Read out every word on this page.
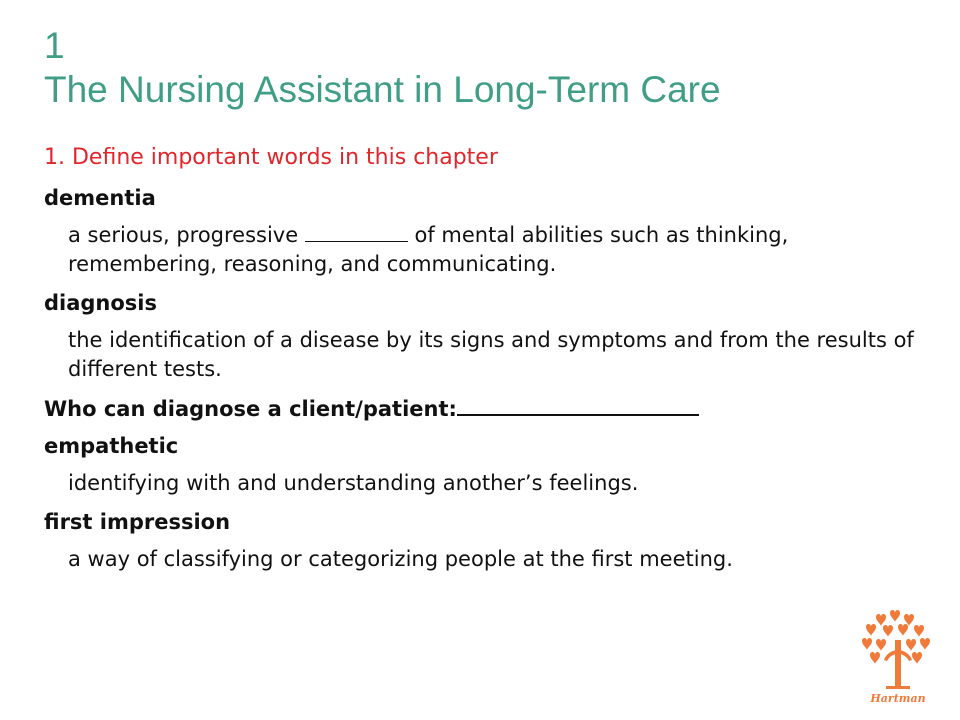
1
The Nursing Assistant in Long-Term Care
1. Define important words in this chapter
dementia
a serious, progressive	of mental abilities such as thinking, remembering, reasoning, and communicating.
diagnosis
the identification of a disease by its signs and symptoms and from the results of different tests.
Who can diagnose a client/patient:
empathetic
identifying with and understanding another’s feelings.
first impression
a way of classifying or categorizing people at the first meeting.
Hartman
